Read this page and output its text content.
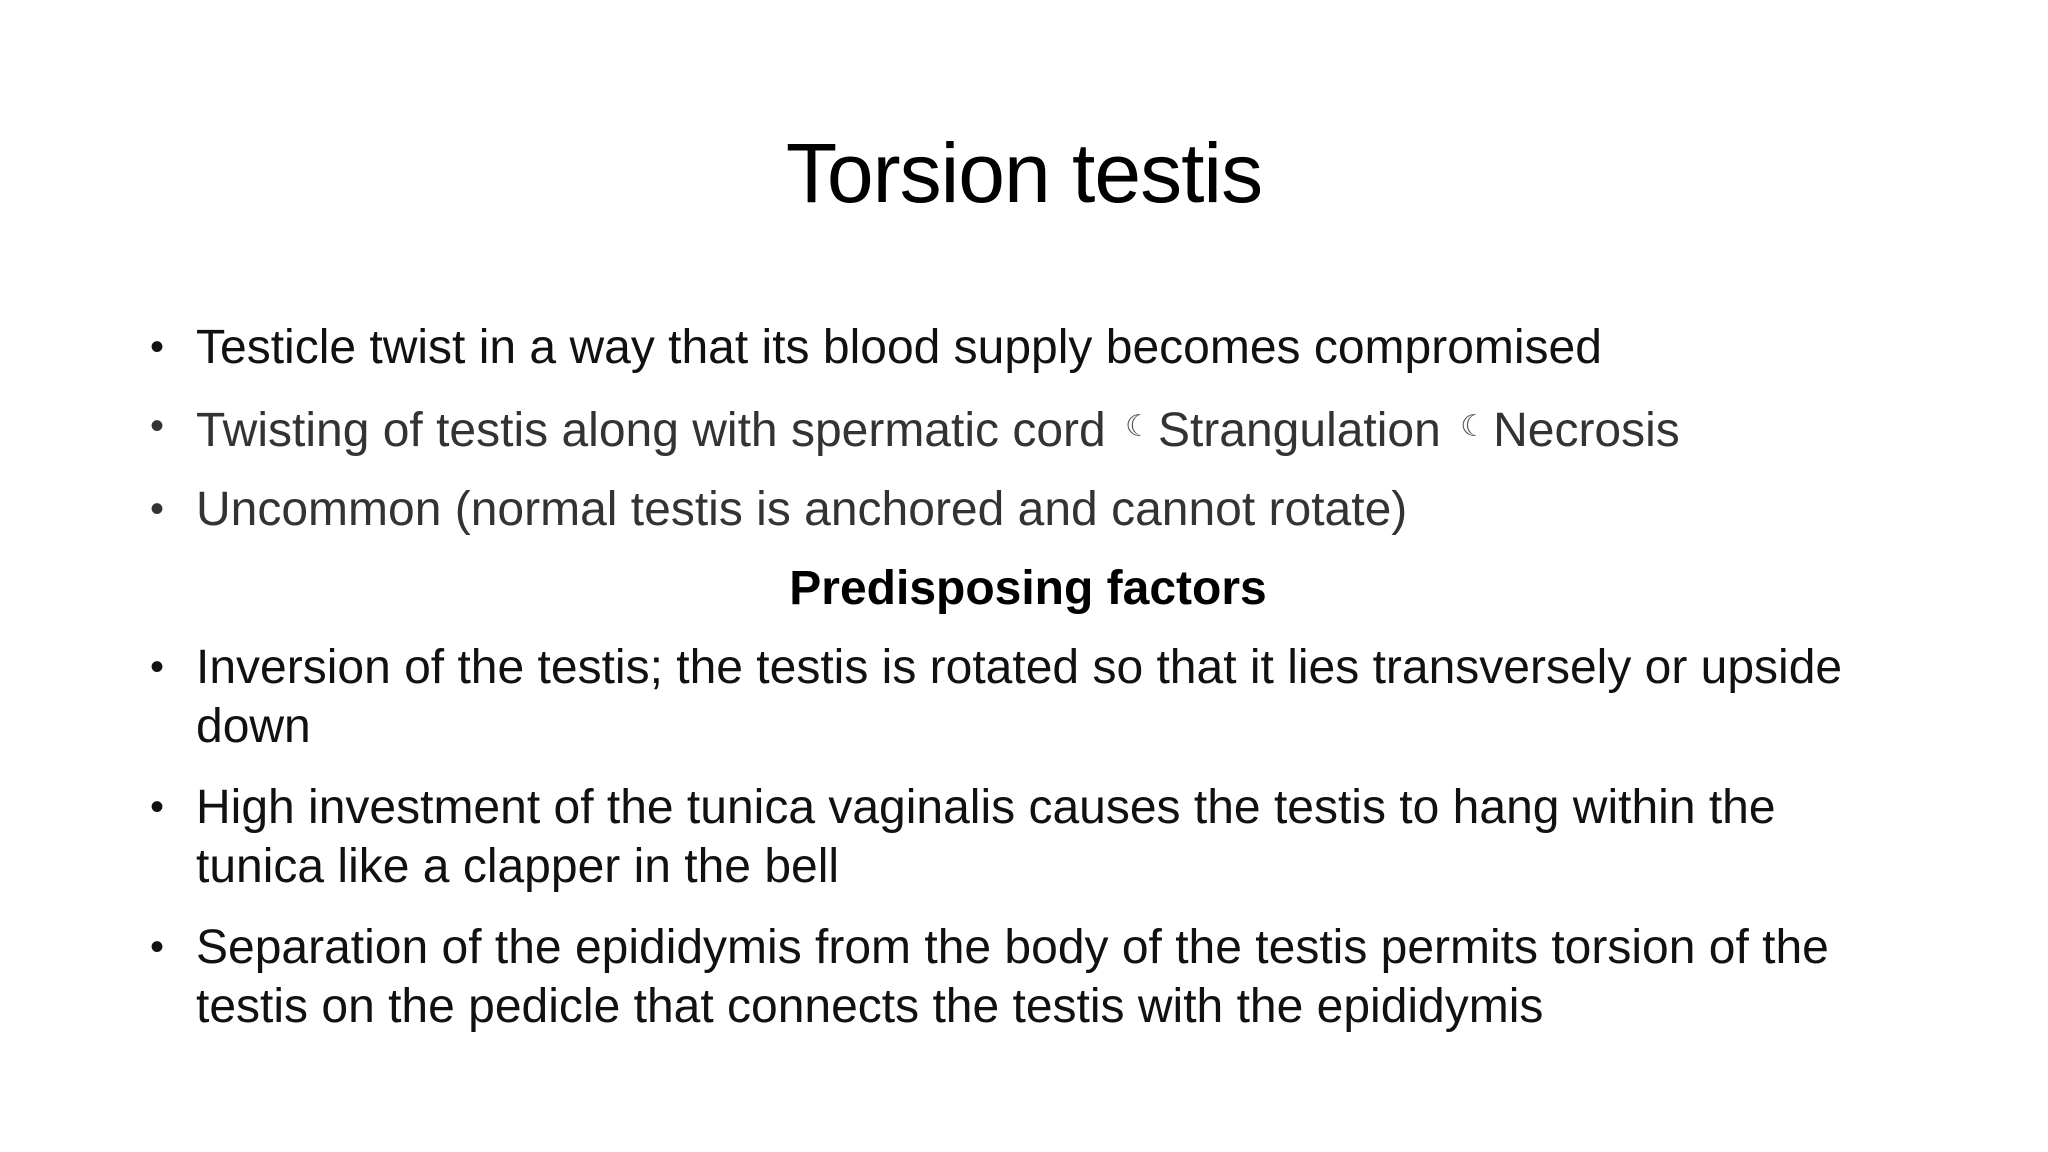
Torsion testis
• Testicle twist in a way that its blood supply becomes compromised
• Twisting of testis along with spermatic cord ☾ Strangulation ☾ Necrosis
• Uncommon (normal testis is anchored and cannot rotate)
Predisposing factors
• Inversion of the testis; the testis is rotated so that it lies transversely or upside down
• High investment of the tunica vaginalis causes the testis to hang within the tunica like a clapper in the bell
• Separation of the epididymis from the body of the testis permits torsion of the testis on the pedicle that connects the testis with the epididymis
